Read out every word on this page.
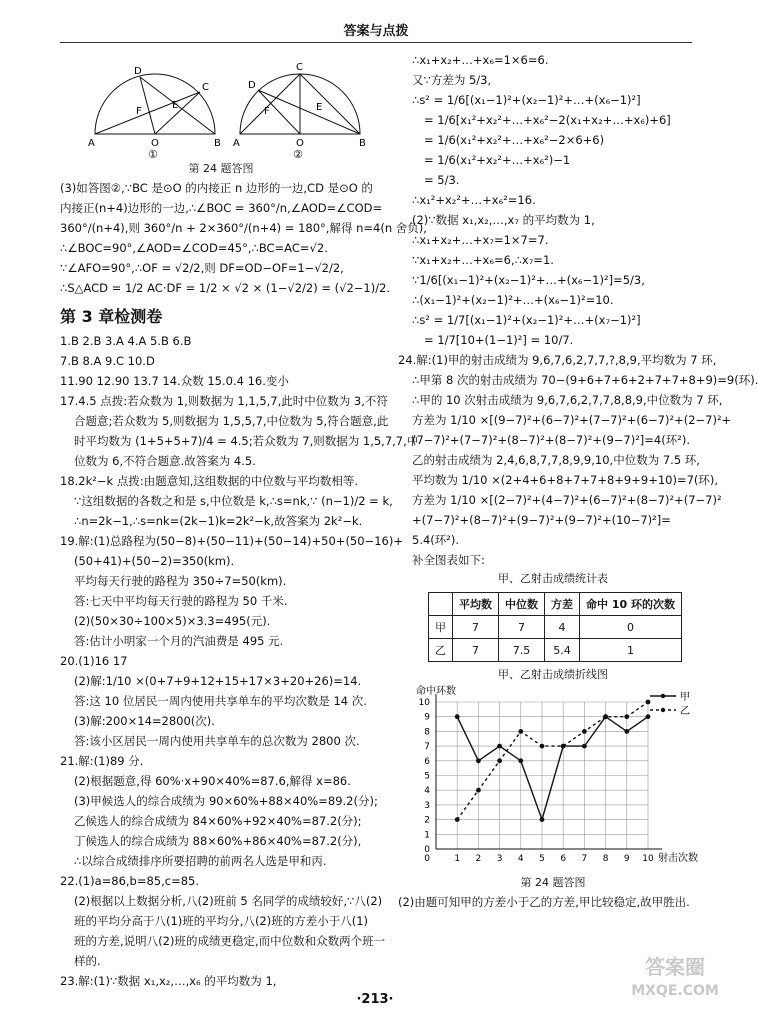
答案与点拨
D
C
F
E
A	O	B
①
C
D
E
F
A	O	B
②
第 24 题答图
(3)如答图②,∵BC 是⊙O 的内接正 n 边形的一边,CD 是⊙O 的
内接正(n+4)边形的一边,∴∠BOC = 360°/n,∠AOD=∠COD=
360°/(n+4),则 360°/n + 2×360°/(n+4) = 180°,解得 n=4(n 舍负),
∴∠BOC=90°,∠AOD=∠COD=45°,∴BC=AC=√2.
∵∠AFO=90°,∴OF = √2/2,则 DF=OD−OF=1−√2/2,
∴S△ACD = 1/2 AC·DF = 1/2 × √2 × (1−√2/2) = (√2−1)/2.
第 3 章检测卷
1.B 2.B 3.A 4.A 5.B 6.B
7.B 8.A 9.C 10.D
11.90 12.90 13.7 14.众数 15.0.4 16.变小
17.4.5 点拨:若众数为 1,则数据为 1,1,5,7,此时中位数为 3,不符
合题意;若众数为 5,则数据为 1,5,5,7,中位数为 5,符合题意,此
时平均数为 (1+5+5+7)/4 = 4.5;若众数为 7,则数据为 1,5,7,7,中
位数为 6,不符合题意.故答案为 4.5.
18.2k²−k 点拨:由题意知,这组数据的中位数与平均数相等.
∵这组数据的各数之和是 s,中位数是 k,∴s=nk,∵ (n−1)/2 = k,
∴n=2k−1,∴s=nk=(2k−1)k=2k²−k,故答案为 2k²−k.
19.解:(1)总路程为(50−8)+(50−11)+(50−14)+50+(50−16)+
(50+41)+(50−2)=350(km).
平均每天行驶的路程为 350÷7=50(km).
答:七天中平均每天行驶的路程为 50 千米.
(2)(50×30÷100×5)×3.3=495(元).
答:估计小明家一个月的汽油费是 495 元.
20.(1)16 17
(2)解:1/10 ×(0+7+9+12+15+17×3+20+26)=14.
答:这 10 位居民一周内使用共享单车的平均次数是 14 次.
(3)解:200×14=2800(次).
答:该小区居民一周内使用共享单车的总次数为 2800 次.
21.解:(1)89 分.
(2)根据题意,得 60%·x+90×40%=87.6,解得 x=86.
(3)甲候选人的综合成绩为 90×60%+88×40%=89.2(分);
乙候选人的综合成绩为 84×60%+92×40%=87.2(分);
丁候选人的综合成绩为 88×60%+86×40%=87.2(分),
∴以综合成绩排序所要招聘的前两名人选是甲和丙.
22.(1)a=86,b=85,c=85.
(2)根据以上数据分析,八(2)班前 5 名同学的成绩较好,∵八(2)
班的平均分高于八(1)班的平均分,八(2)班的方差小于八(1)
班的方差,说明八(2)班的成绩更稳定,而中位数和众数两个班一
样的.
23.解:(1)∵数据 x₁,x₂,…,x₆ 的平均数为 1,
∴x₁+x₂+…+x₆=1×6=6.
又∵方差为 5/3,
∴s² = 1/6[(x₁−1)²+(x₂−1)²+…+(x₆−1)²]
= 1/6[x₁²+x₂²+…+x₆²−2(x₁+x₂+…+x₆)+6]
= 1/6(x₁²+x₂²+…+x₆²−2×6+6)
= 1/6(x₁²+x₂²+…+x₆²)−1
= 5/3.
∴x₁²+x₂²+…+x₆²=16.
(2)∵数据 x₁,x₂,…,x₇ 的平均数为 1,
∴x₁+x₂+…+x₇=1×7=7.
∵x₁+x₂+…+x₆=6,∴x₇=1.
∵1/6[(x₁−1)²+(x₂−1)²+…+(x₆−1)²]=5/3,
∴(x₁−1)²+(x₂−1)²+…+(x₆−1)²=10.
∴s² = 1/7[(x₁−1)²+(x₂−1)²+…+(x₇−1)²]
= 1/7[10+(1−1)²] = 10/7.
24.解:(1)甲的射击成绩为 9,6,7,6,2,7,7,?,8,9,平均数为 7 环,
∴甲第 8 次的射击成绩为 70−(9+6+7+6+2+7+7+8+9)=9(环).
∴甲的 10 次射击成绩为 9,6,7,6,2,7,7,8,8,9,中位数为 7 环,
方差为 1/10 ×[(9−7)²+(6−7)²+(7−7)²+(6−7)²+(2−7)²+
(7−7)²+(7−7)²+(8−7)²+(8−7)²+(9−7)²]=4(环²).
乙的射击成绩为 2,4,6,8,7,7,8,9,9,10,中位数为 7.5 环,
平均数为 1/10 ×(2+4+6+8+7+7+8+9+9+10)=7(环),
方差为 1/10 ×[(2−7)²+(4−7)²+(6−7)²+(8−7)²+(7−7)²
+(7−7)²+(8−7)²+(9−7)²+(9−7)²+(10−7)²]=
5.4(环²).
补全图表如下:
甲、乙射击成绩统计表
	平均数	中位数	方差	命中 10 环的次数
甲	7	7	4	0
乙	7	7.5	5.4	1
甲、乙射击成绩折线图
0
1
2
3
4
5
6
7
8
9
10
1 2 3 4 5 6 7 8 9 10
0	射击次数
命中环数
甲
乙
第 24 题答图
(2)由题可知甲的方差小于乙的方差,甲比较稳定,故甲胜出.
答案圈
MXQE.COM
·213·
